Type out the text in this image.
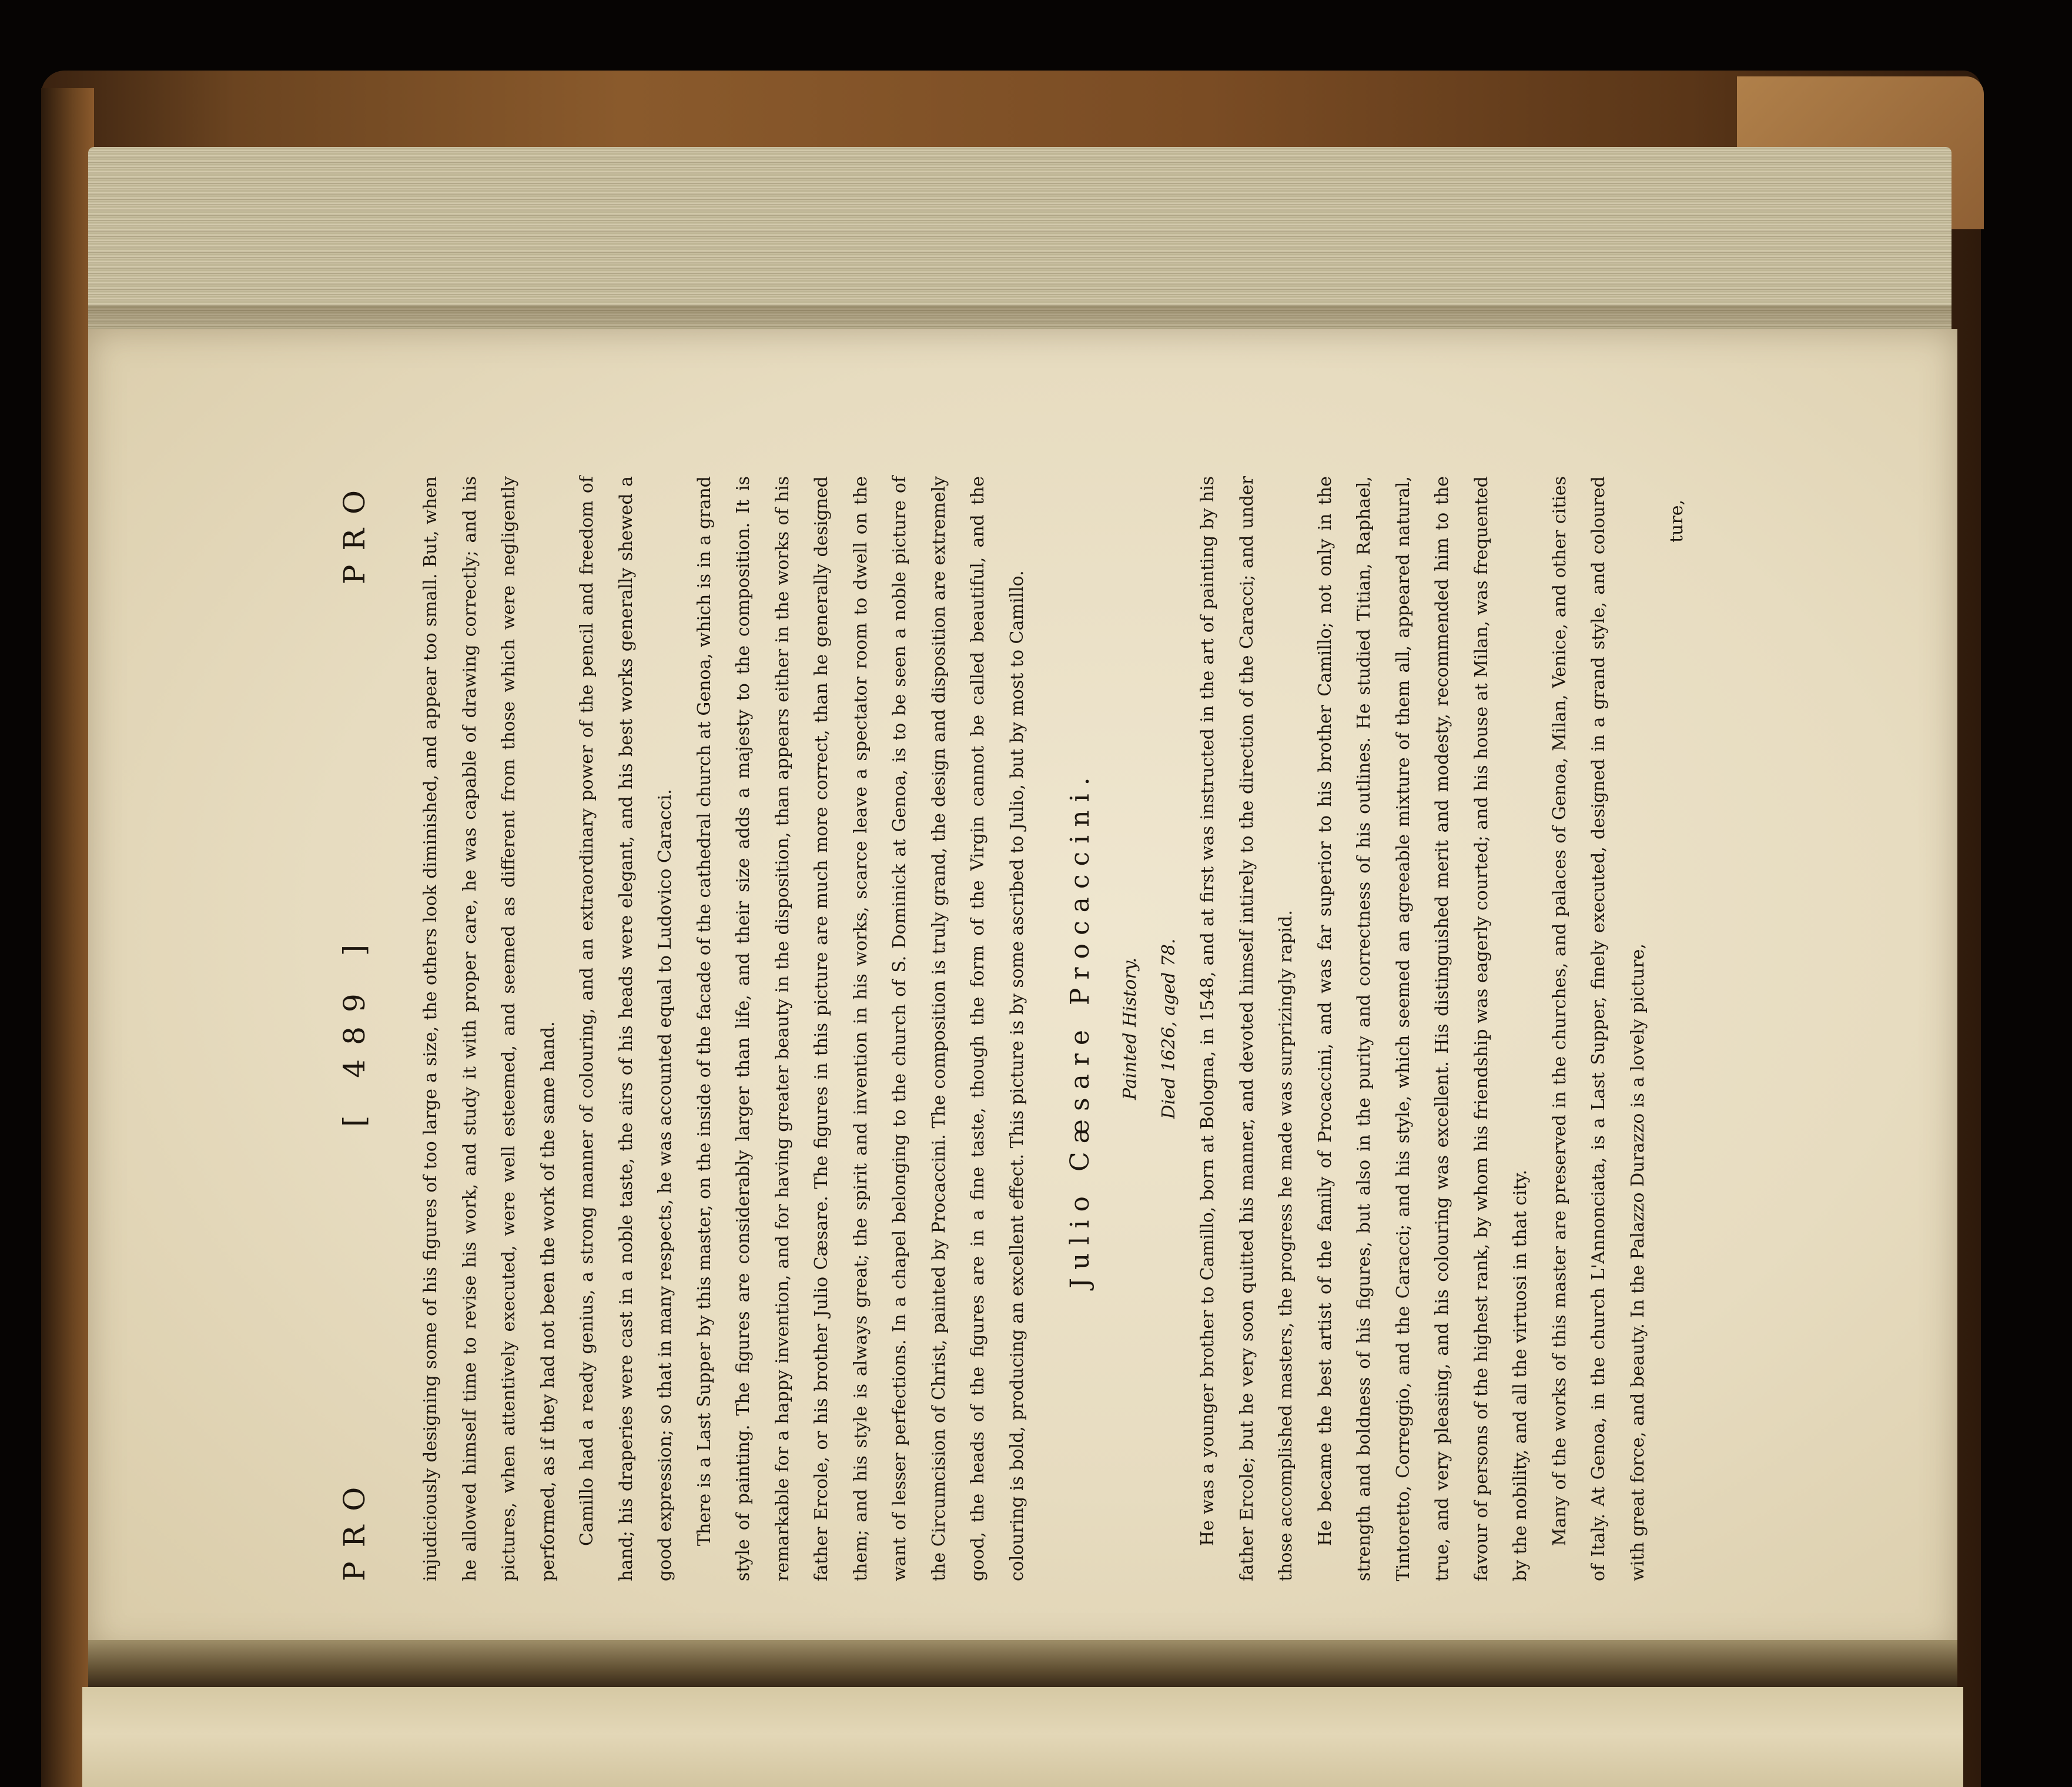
PRO
[ 489 ]
PRO	injudiciously designing some of his figures of too large a size, the others look diminished, and appear too small. But, when he allowed himself time to revise his work, and study it with proper care, he was capable of drawing correctly; and his pictures, when attentively executed, were well esteemed, and seemed as different from those which were negligently performed, as if they had not been the work of the same hand.	Camillo had a ready genius, a strong manner of colouring, and an extraordinary power of the pencil and freedom of hand; his draperies were cast in a noble taste, the airs of his heads were elegant, and his best works generally shewed a good expression; so that in many respects, he was accounted equal to Ludovico Caracci.	There is a Last Supper by this master, on the inside of the facade of the cathedral church at Genoa, which is in a grand style of painting. The figures are considerably larger than life, and their size adds a majesty to the composition. It is remarkable for a happy invention, and for having greater beauty in the disposition, than appears either in the works of his father Ercole, or his brother Julio Cæsare. The figures in this picture are much more correct, than he generally designed them; and his style is always great; the spirit and invention in his works, scarce leave a spectator room to dwell on the want of lesser perfections. In a chapel belonging to the church of S. Dominick at Genoa, is to be seen a noble picture of the Circumcision of Christ, painted by Procaccini. The composition is truly grand, the design and disposition are extremely good, the heads of the figures are in a fine taste, though the form of the Virgin cannot be called beautiful, and the colouring is bold, producing an excellent effect. This picture is by some ascribed to Julio, but by most to Camillo.	Julio Cæsare Procaccini.	Painted History.	Died 1626, aged 78.	He was a younger brother to Camillo, born at Bologna, in 1548, and at first was instructed in the art of painting by his father Ercole; but he very soon quitted his manner, and devoted himself intirely to the direction of the Caracci; and under those accomplished masters, the progress he made was surprizingly rapid.	He became the best artist of the family of Procaccini, and was far superior to his brother Camillo; not only in the strength and boldness of his figures, but also in the purity and correctness of his outlines. He studied Titian, Raphael, Tintoretto, Correggio, and the Caracci; and his style, which seemed an agreeable mixture of them all, appeared natural, true, and very pleasing, and his colouring was excellent. His distinguished merit and modesty, recommended him to the favour of persons of the highest rank, by whom his friendship was eagerly courted; and his house at Milan, was frequented by the nobility, and all the virtuosi in that city.	Many of the works of this master are preserved in the churches, and palaces of Genoa, Milan, Venice, and other cities of Italy. At Genoa, in the church L'Annonciata, is a Last Supper, finely executed, designed in a grand style, and coloured with great force, and beauty. In the Palazzo Durazzo is a lovely picture,

ture,
